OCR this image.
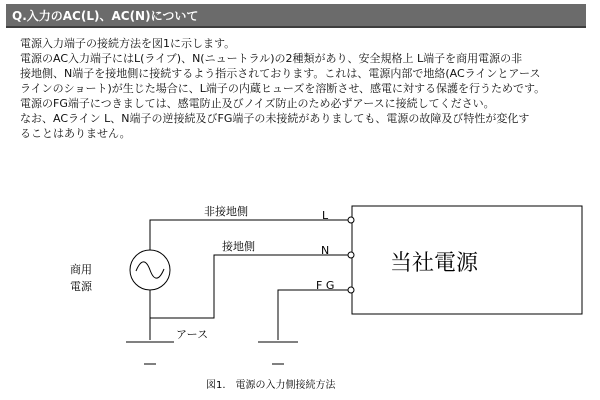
Q.入力のAC(L)、AC(N)について
電源入力端子の接続方法を図1に示します。
電源のAC入力端子にはL(ライブ)、N(ニュートラル)の2種類があり、安全規格上 L端子を商用電源の非
接地側、N端子を接地側に接続するよう指示されております。これは、電源内部で地絡(ACラインとアース
ラインのショート)が生じた場合に、L端子の内蔵ヒューズを溶断させ、感電に対する保護を行うためです。
電源のFG端子につきましては、感電防止及びノイズ防止のため必ずアースに接続してください。
なお、ACライン L、N端子の逆接続及びFG端子の未接続がありましても、電源の故障及び特性が変化す
ることはありません。
非接地側
接地側
L
N
F G
商用
電源
アース
当社電源
図1.　電源の入力側接続方法
